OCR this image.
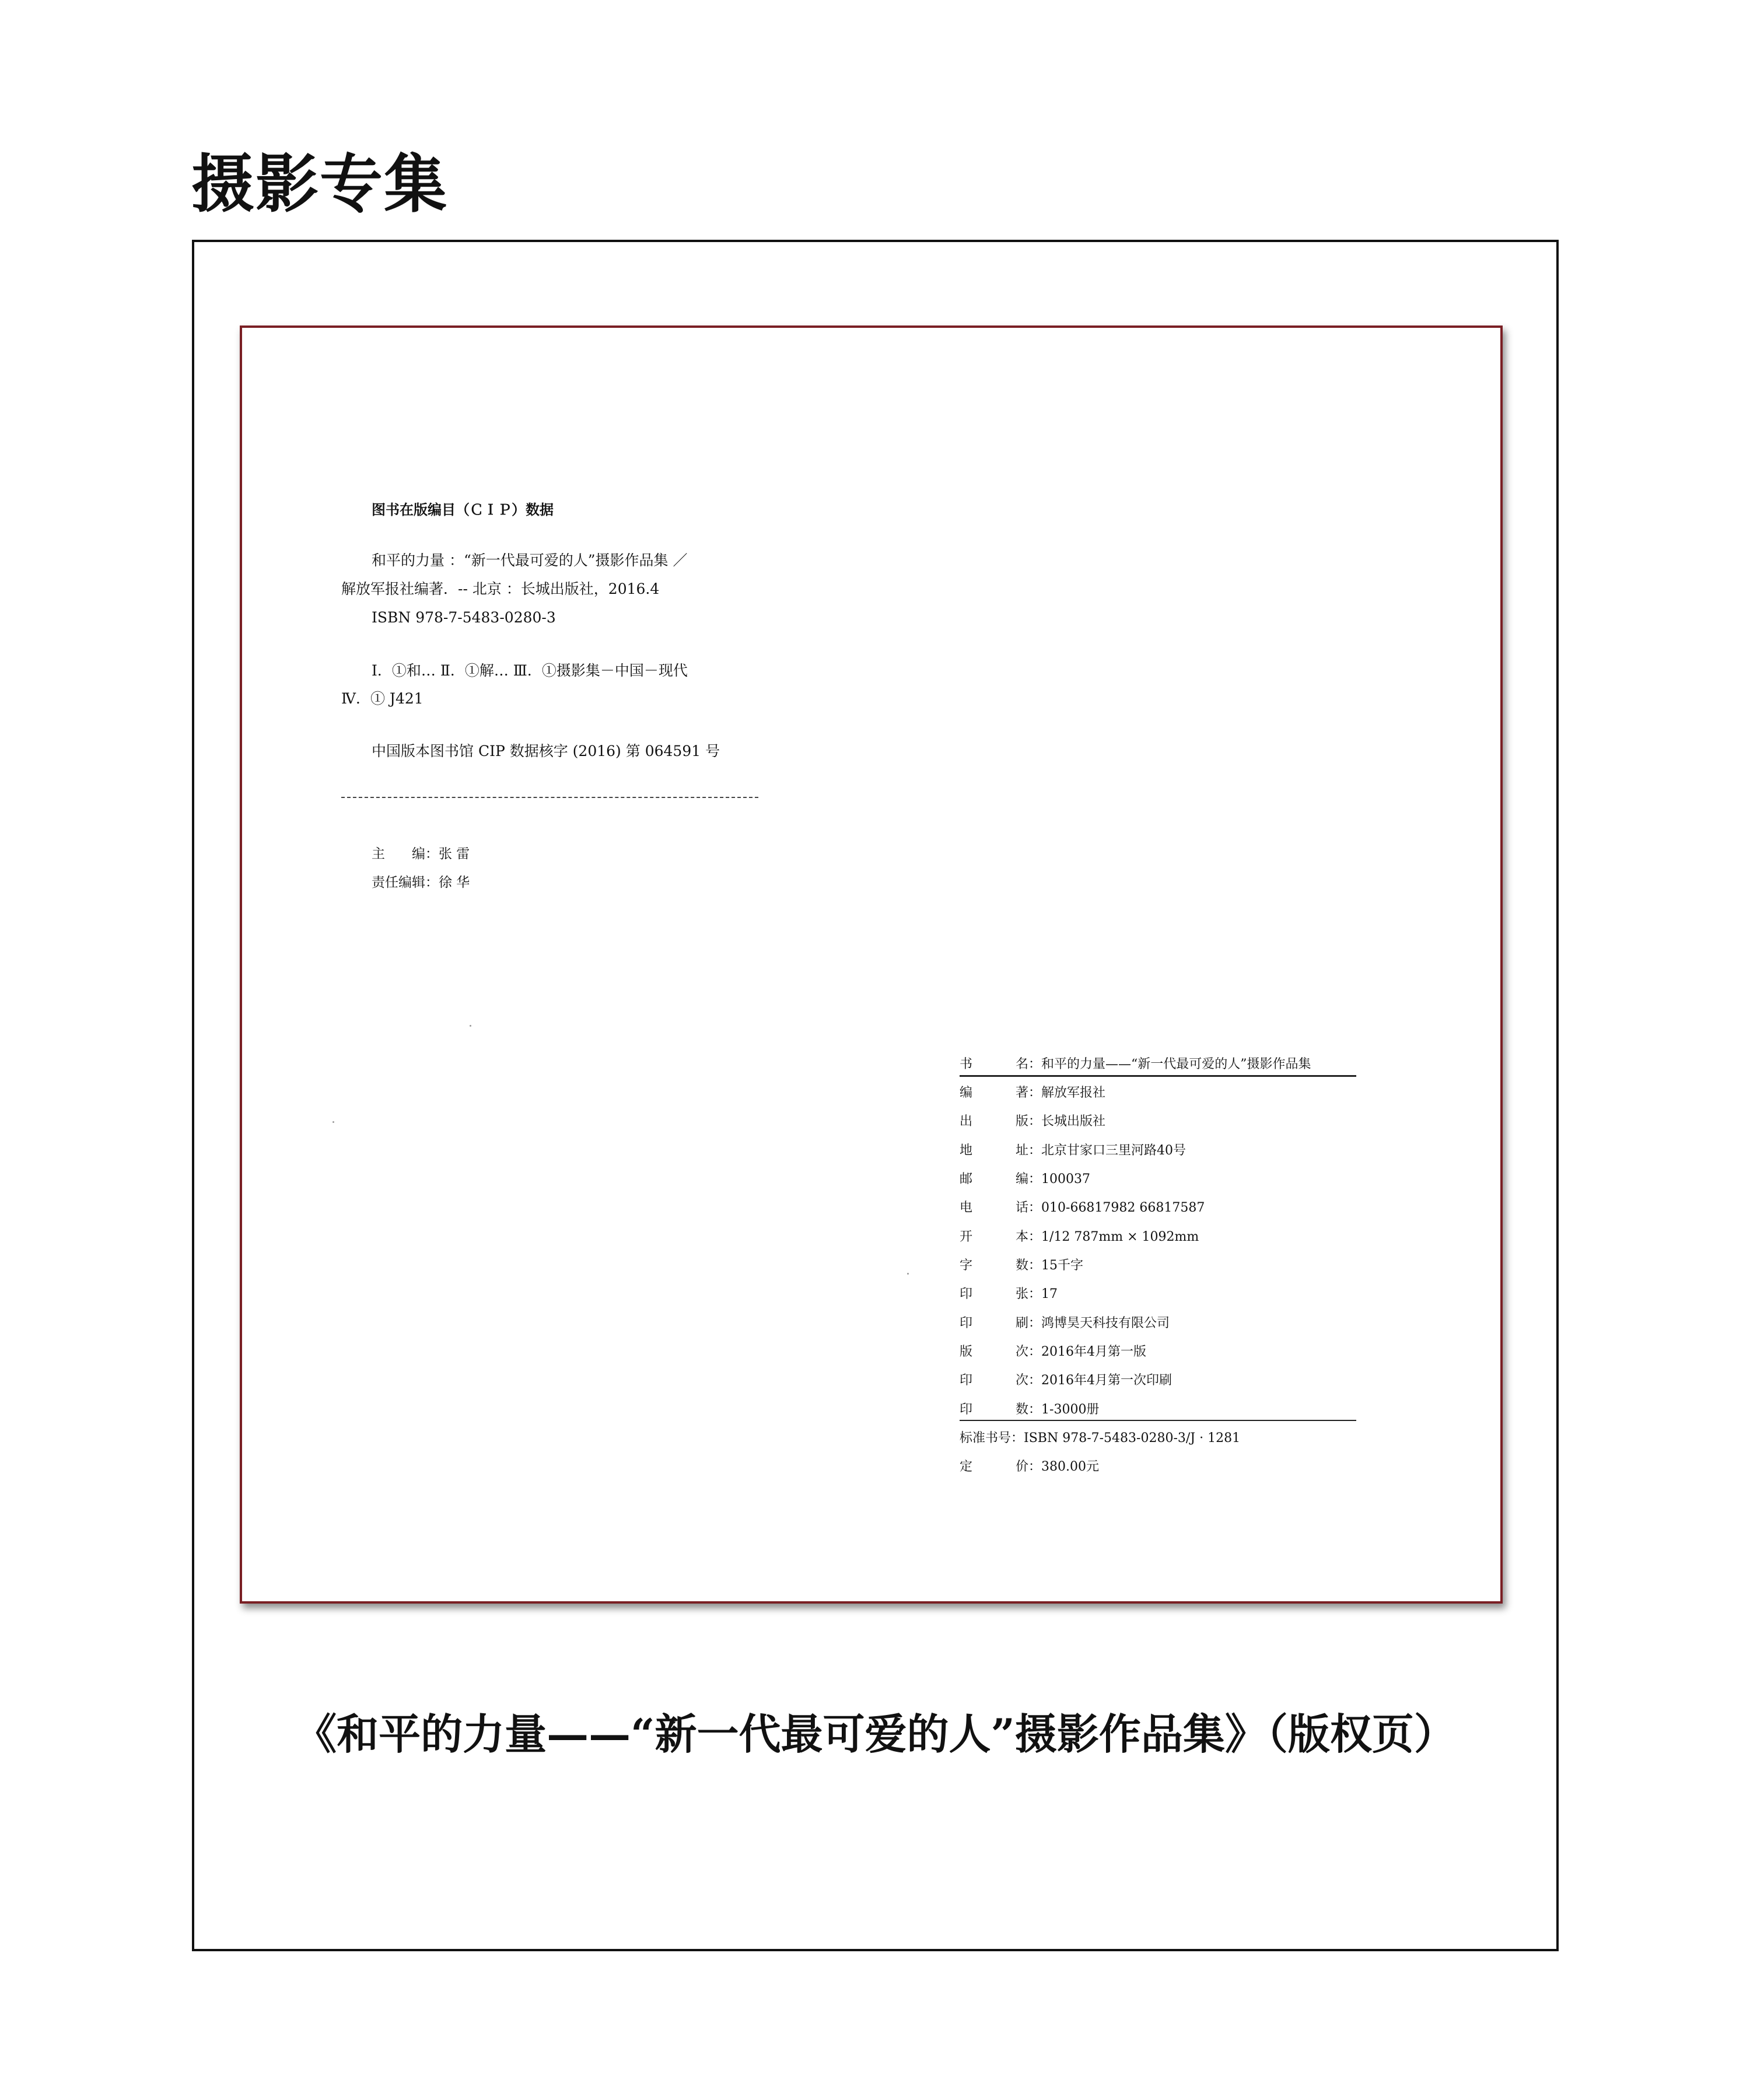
摄影专集
图书在版编目（ＣＩＰ）数据
和平的力量 ：“新一代最可爱的人”摄影作品集 ／
解放军报社编著．-- 北京 ：长城出版社，2016.4
ISBN 978-7-5483-0280-3
Ⅰ．①和… Ⅱ．①解… Ⅲ．①摄影集－中国－现代
Ⅳ．① J421
中国版本图书馆 CIP 数据核字 (2016) 第 064591 号
主　　编：张 雷
责任编辑：徐 华
书名：和平的力量——“新一代最可爱的人”摄影作品集
编著：解放军报社
出版：长城出版社
地址：北京甘家口三里河路40号
邮编：100037
电话：010-66817982 66817587
开本：1/12 787mm × 1092mm
字数：15千字
印张：17
印刷：鸿博昊天科技有限公司
版次：2016年4月第一版
印次：2016年4月第一次印刷
印数：1-3000册
标准书号：ISBN 978-7-5483-0280-3/J · 1281
定价：380.00元
《和平的力量——“新一代最可爱的人”摄影作品集》（版权页）
